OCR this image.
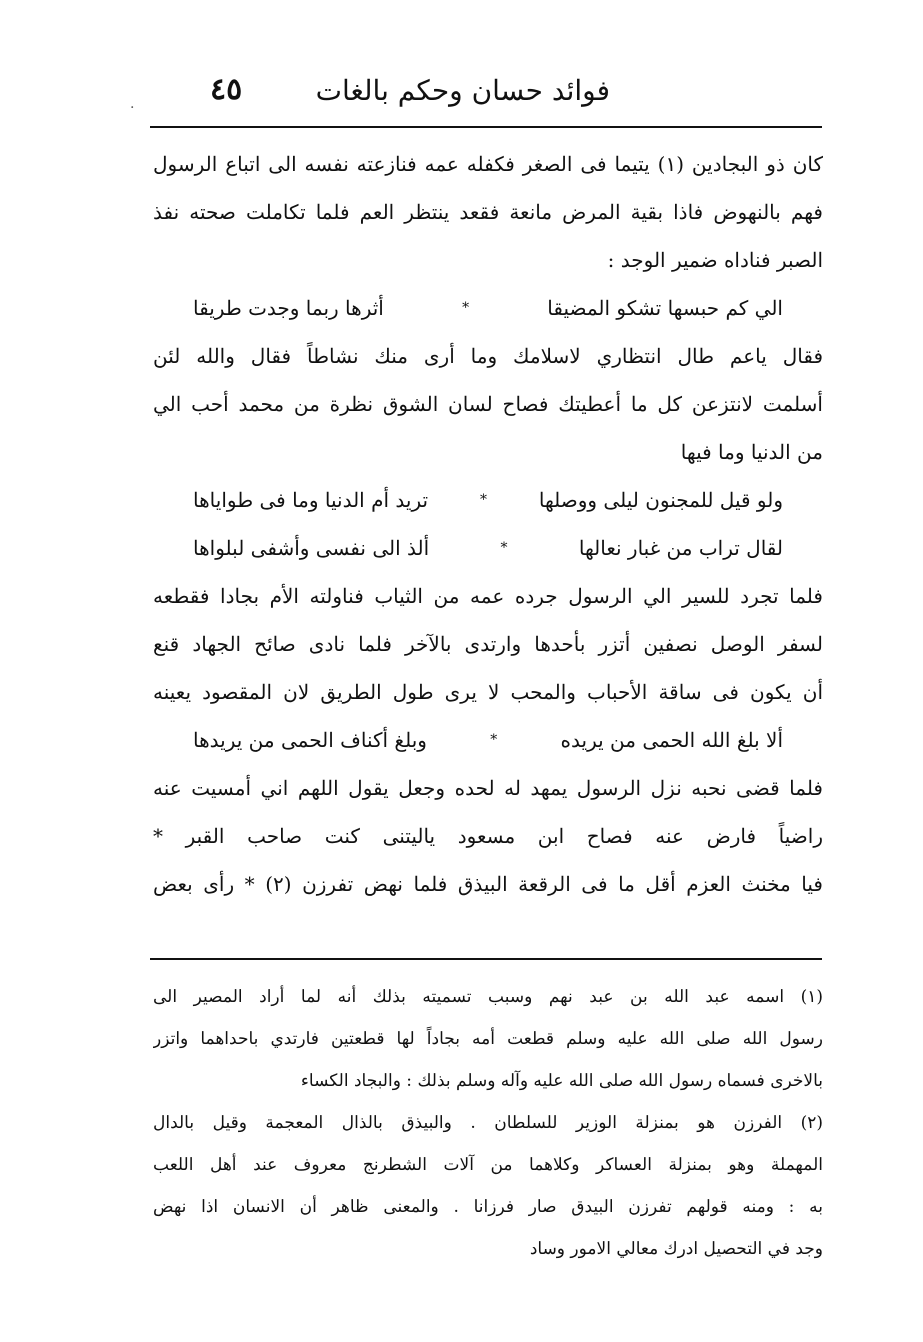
فوائد حسان وحكم بالغات
٤٥
.
كان ذو البجادين (١) يتيما فى الصغر فكفله عمه فنازعته نفسه الى اتباع الرسول
فهم بالنهوض فاذا بقية المرض مانعة فقعد ينتظر العم فلما تكاملت صحته نفذ
الصبر فناداه ضمير الوجد :
الي كم حبسها تشكو المضيقا
*
أثرها ربما وجدت طريقا
فقال ياعم طال انتظاري لاسلامك وما أرى منك نشاطاً فقال والله لئن
أسلمت لانتزعن كل ما أعطيتك فصاح لسان الشوق نظرة من محمد أحب الي
من الدنيا وما فيها
ولو قيل للمجنون ليلى ووصلها
*
تريد أم الدنيا وما فى طواياها
لقال تراب من غبار نعالها
*
ألذ الى نفسى وأشفى لبلواها
فلما تجرد للسير الي الرسول جرده عمه من الثياب فناولته الأم بجادا فقطعه
لسفر الوصل نصفين أتزر بأحدها وارتدى بالآخر فلما نادى صائح الجهاد قنع
أن يكون فى ساقة الأحباب والمحب لا يرى طول الطريق لان المقصود يعينه
ألا بلغ الله الحمى من يريده
*
وبلغ أكناف الحمى من يريدها
فلما قضى نحبه نزل الرسول يمهد له لحده وجعل يقول اللهم اني أمسيت عنه
راضياً فارض عنه فصاح ابن مسعود ياليتنى كنت صاحب القبر *
فيا مخنث العزم أقل ما فى الرقعة البيذق فلما نهض تفرزن (٢) * رأى بعض
(١) اسمه عبد الله بن عبد نهم وسبب تسميته بذلك أنه لما أراد المصير الى
رسول الله صلى الله عليه وسلم قطعت أمه بجاداً لها قطعتين فارتدي باحداهما واتزر
بالاخرى فسماه رسول الله صلى الله عليه وآله وسلم بذلك : والبجاد الكساء
(٢) الفرزن هو بمنزلة الوزير للسلطان . والبيذق بالذال المعجمة وقيل بالدال
المهملة وهو بمنزلة العساكر وكلاهما من آلات الشطرنج معروف عند أهل اللعب
به : ومنه قولهم تفرزن البيدق صار فرزانا . والمعنى ظاهر أن الانسان اذا نهض
وجد في التحصيل ادرك معالي الامور وساد
